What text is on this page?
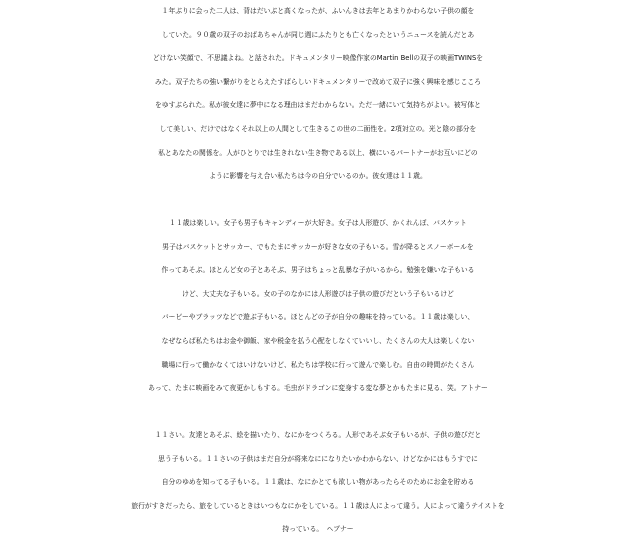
１年ぶりに会った二人は、背はだいぶと高くなったが、ふいんきは去年とあまりかわらない子供の顔を
していた。９０歳の双子のおばあちゃんが同じ週にふたりとも亡くなったというニュースを読んだとあ
どけない笑顔で、不思議よね。と話された。ドキュメンタリー映像作家のMartin Bellの双子の映画TWINSを
みた。双子たちの強い繋がりをとらえたすばらしいドキュメンタリーで改めて双子に強く興味を感じこころ
をゆすぶられた。私が彼女達に夢中になる理由はまだわからない。ただ一緒にいて気持ちがよい。被写体と
して美しい、だけではなくそれ以上の人間として生きるこの世の二面性を。2項対立の。光と陰の部分を
私とあなたの関係を。人がひとりでは生きれない生き物である以上、横にいるパートナーがお互いにどの
ように影響を与え合い私たちは今の自分でいるのか。彼女達は１１歳。
１１歳は楽しい。女子も男子もキャンディーが大好き。女子は人形遊び、かくれんぼ、バスケット
男子はバスケットとサッカー、でもたまにサッカーが好きな女の子もいる。雪が降るとスノーボールを
作ってあそぶ。ほとんど女の子とあそぶ、男子はちょっと乱暴な子がいるから。勉強を嫌いな子もいる
けど、大丈夫な子もいる。女の子のなかには人形遊びは子供の遊びだという子もいるけど
バービーやブラッツなどで遊ぶ子もいる。ほとんどの子が自分の趣味を持っている。１１歳は楽しい、
なぜならば私たちはお金や御飯、家や税金を払う心配をしなくていいし、たくさんの大人は楽しくない
職場に行って働かなくてはいけないけど、私たちは学校に行って遊んで楽しむ。自由の時間がたくさん
あって、たまに映画をみて夜更かしもする。毛虫がドラゴンに変身する変な夢とかもたまに見る、笑。アトナー
１１さい。友達とあそぶ、絵を描いたり、なにかをつくろる。人形であそぶ女子もいるが、子供の遊びだと
思う子もいる。１１さいの子供はまだ自分が将来なにになりたいかわからない、けどなかにはもうすでに
自分のゆめを知ってる子もいる。１１歳は、なにかとても欲しい物があったらそのためにお金を貯める
旅行がすきだったら、旅をしているときはいつもなにかをしている。１１歳は人によって違う。人によって違うテイストを
持っている。　ヘブナー
